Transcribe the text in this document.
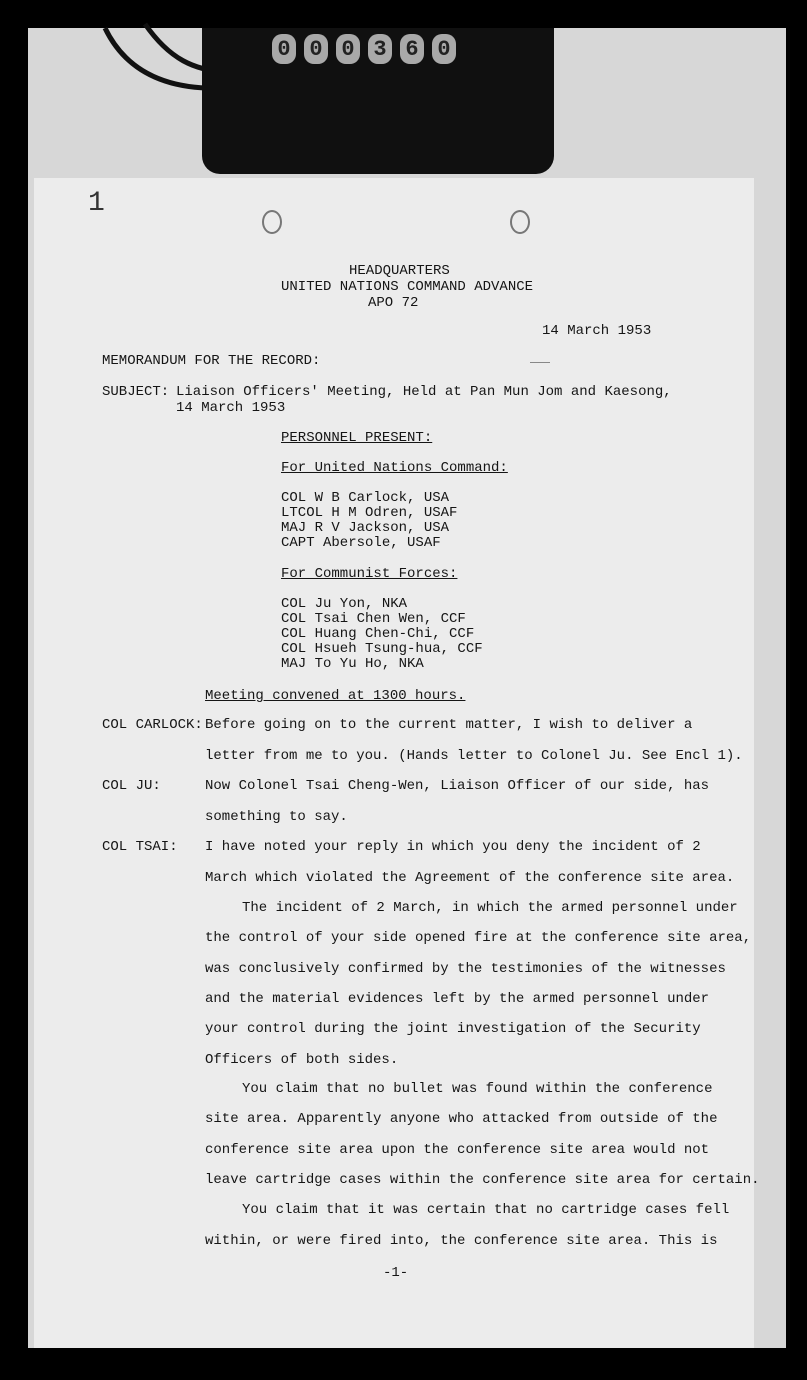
0 0 0 3 6 0
1
HEADQUARTERS
UNITED NATIONS COMMAND ADVANCE
APO 72
14 March 1953
MEMORANDUM FOR THE RECORD:
SUBJECT: Liaison Officers' Meeting, Held at Pan Mun Jom and Kaesong,
14 March 1953
PERSONNEL PRESENT:
For United Nations Command:
COL W B Carlock, USA
LTCOL H M Odren, USAF
MAJ R V Jackson, USA
CAPT Abersole, USAF
For Communist Forces:
COL Ju Yon, NKA
COL Tsai Chen Wen, CCF
COL Huang Chen-Chi, CCF
COL Hsueh Tsung-hua, CCF
MAJ To Yu Ho, NKA
Meeting convened at 1300 hours.
COL CARLOCK:
COL JU:
COL TSAI:
Before going on to the current matter, I wish to deliver a
letter from me to you. (Hands letter to Colonel Ju. See Encl 1).
Now Colonel Tsai Cheng-Wen, Liaison Officer of our side, has
something to say.
I have noted your reply in which you deny the incident of 2
March which violated the Agreement of the conference site area.
The incident of 2 March, in which the armed personnel under
the control of your side opened fire at the conference site area,
was conclusively confirmed by the testimonies of the witnesses
and the material evidences left by the armed personnel under
your control during the joint investigation of the Security
Officers of both sides.
You claim that no bullet was found within the conference
site area. Apparently anyone who attacked from outside of the
conference site area upon the conference site area would not
leave cartridge cases within the conference site area for certain.
You claim that it was certain that no cartridge cases fell
within, or were fired into, the conference site area. This is
-1-
